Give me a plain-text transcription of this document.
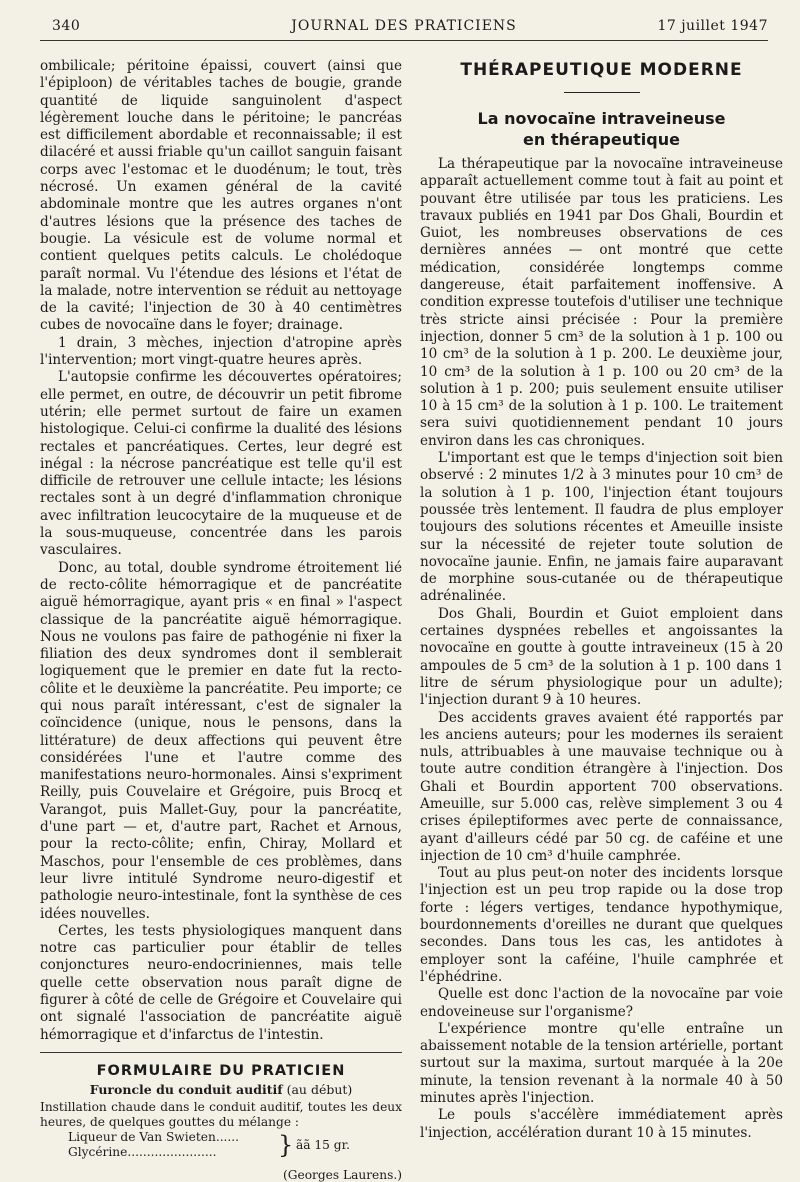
340	JOURNAL DES PRATICIENS	17 juillet 1947

ombilicale; péritoine épaissi, couvert (ainsi que l'épiploon) de véritables taches de bougie, grande quantité de liquide sanguinolent d'aspect légèrement louche dans le péritoine; le pancréas est difficilement abordable et reconnaissable; il est dilacéré et aussi friable qu'un caillot sanguin faisant corps avec l'estomac et le duodénum; le tout, très nécrosé. Un examen général de la cavité abdominale montre que les autres organes n'ont d'autres lésions que la présence des taches de bougie. La vésicule est de volume normal et contient quelques petits calculs. Le cholédoque paraît normal. Vu l'étendue des lésions et l'état de la malade, notre intervention se réduit au nettoyage de la cavité; l'injection de 30 à 40 centimètres cubes de novocaïne dans le foyer; drainage.

1 drain, 3 mèches, injection d'atropine après l'intervention; mort vingt-quatre heures après.

L'autopsie confirme les découvertes opératoires; elle permet, en outre, de découvrir un petit fibrome utérin; elle permet surtout de faire un examen histologique. Celui-ci confirme la dualité des lésions rectales et pancréatiques. Certes, leur degré est inégal : la nécrose pancréatique est telle qu'il est difficile de retrouver une cellule intacte; les lésions rectales sont à un degré d'inflammation chronique avec infiltration leucocytaire de la muqueuse et de la sous-muqueuse, concentrée dans les parois vasculaires.

Donc, au total, double syndrome étroitement lié de recto-côlite hémorragique et de pancréatite aiguë hémorragique, ayant pris « en final » l'aspect classique de la pancréatite aiguë hémorragique. Nous ne voulons pas faire de pathogénie ni fixer la filiation des deux syndromes dont il semblerait logiquement que le premier en date fut la recto-côlite et le deuxième la pancréatite. Peu importe; ce qui nous paraît intéressant, c'est de signaler la coïncidence (unique, nous le pensons, dans la littérature) de deux affections qui peuvent être considérées l'une et l'autre comme des manifestations neuro-hormonales. Ainsi s'expriment Reilly, puis Couvelaire et Grégoire, puis Brocq et Varangot, puis Mallet-Guy, pour la pancréatite, d'une part — et, d'autre part, Rachet et Arnous, pour la recto-côlite; enfin, Chiray, Mollard et Maschos, pour l'ensemble de ces problèmes, dans leur livre intitulé Syndrome neuro-digestif et pathologie neuro-intestinale, font la synthèse de ces idées nouvelles.

Certes, les tests physiologiques manquent dans notre cas particulier pour établir de telles conjonctures neuro-endocriniennes, mais telle quelle cette observation nous paraît digne de figurer à côté de celle de Grégoire et Couvelaire qui ont signalé l'association de pancréatite aiguë hémorragique et d'infarctus de l'intestin.

FORMULAIRE DU PRATICIEN
Furoncle du conduit auditif (au début)
Instillation chaude dans le conduit auditif, toutes les deux heures, de quelques gouttes du mélange :
Liqueur de Van Swieten......
Glycérine.......................	} ãã 15 gr.
(Georges Laurens.)
THÉRAPEUTIQUE MODERNE
La novocaïne intraveineuse
en thérapeutique

La thérapeutique par la novocaïne intraveineuse apparaît actuellement comme tout à fait au point et pouvant être utilisée par tous les praticiens. Les travaux publiés en 1941 par Dos Ghali, Bourdin et Guiot, les nombreuses observations de ces dernières années — ont montré que cette médication, considérée longtemps comme dangereuse, était parfaitement inoffensive. A condition expresse toutefois d'utiliser une technique très stricte ainsi précisée : Pour la première injection, donner 5 cm³ de la solution à 1 p. 100 ou 10 cm³ de la solution à 1 p. 200. Le deuxième jour, 10 cm³ de la solution à 1 p. 100 ou 20 cm³ de la solution à 1 p. 200; puis seulement ensuite utiliser 10 à 15 cm³ de la solution à 1 p. 100. Le traitement sera suivi quotidiennement pendant 10 jours environ dans les cas chroniques.

L'important est que le temps d'injection soit bien observé : 2 minutes 1/2 à 3 minutes pour 10 cm³ de la solution à 1 p. 100, l'injection étant toujours poussée très lentement. Il faudra de plus employer toujours des solutions récentes et Ameuille insiste sur la nécessité de rejeter toute solution de novocaïne jaunie. Enfin, ne jamais faire auparavant de morphine sous-cutanée ou de thérapeutique adrénalinée.

Dos Ghali, Bourdin et Guiot emploient dans certaines dyspnées rebelles et angoissantes la novocaïne en goutte à goutte intraveineux (15 à 20 ampoules de 5 cm³ de la solution à 1 p. 100 dans 1 litre de sérum physiologique pour un adulte); l'injection durant 9 à 10 heures.

Des accidents graves avaient été rapportés par les anciens auteurs; pour les modernes ils seraient nuls, attribuables à une mauvaise technique ou à toute autre condition étrangère à l'injection. Dos Ghali et Bourdin apportent 700 observations. Ameuille, sur 5.000 cas, relève simplement 3 ou 4 crises épileptiformes avec perte de connaissance, ayant d'ailleurs cédé par 50 cg. de caféine et une injection de 10 cm³ d'huile camphrée.

Tout au plus peut-on noter des incidents lorsque l'injection est un peu trop rapide ou la dose trop forte : légers vertiges, tendance hypothymique, bourdonnements d'oreilles ne durant que quelques secondes. Dans tous les cas, les antidotes à employer sont la caféine, l'huile camphrée et l'éphédrine.

Quelle est donc l'action de la novocaïne par voie endoveineuse sur l'organisme?

L'expérience montre qu'elle entraîne un abaissement notable de la tension artérielle, portant surtout sur la maxima, surtout marquée à la 20e minute, la tension revenant à la normale 40 à 50 minutes après l'injection.

Le pouls s'accélère immédiatement après l'injection, accélération durant 10 à 15 minutes.
